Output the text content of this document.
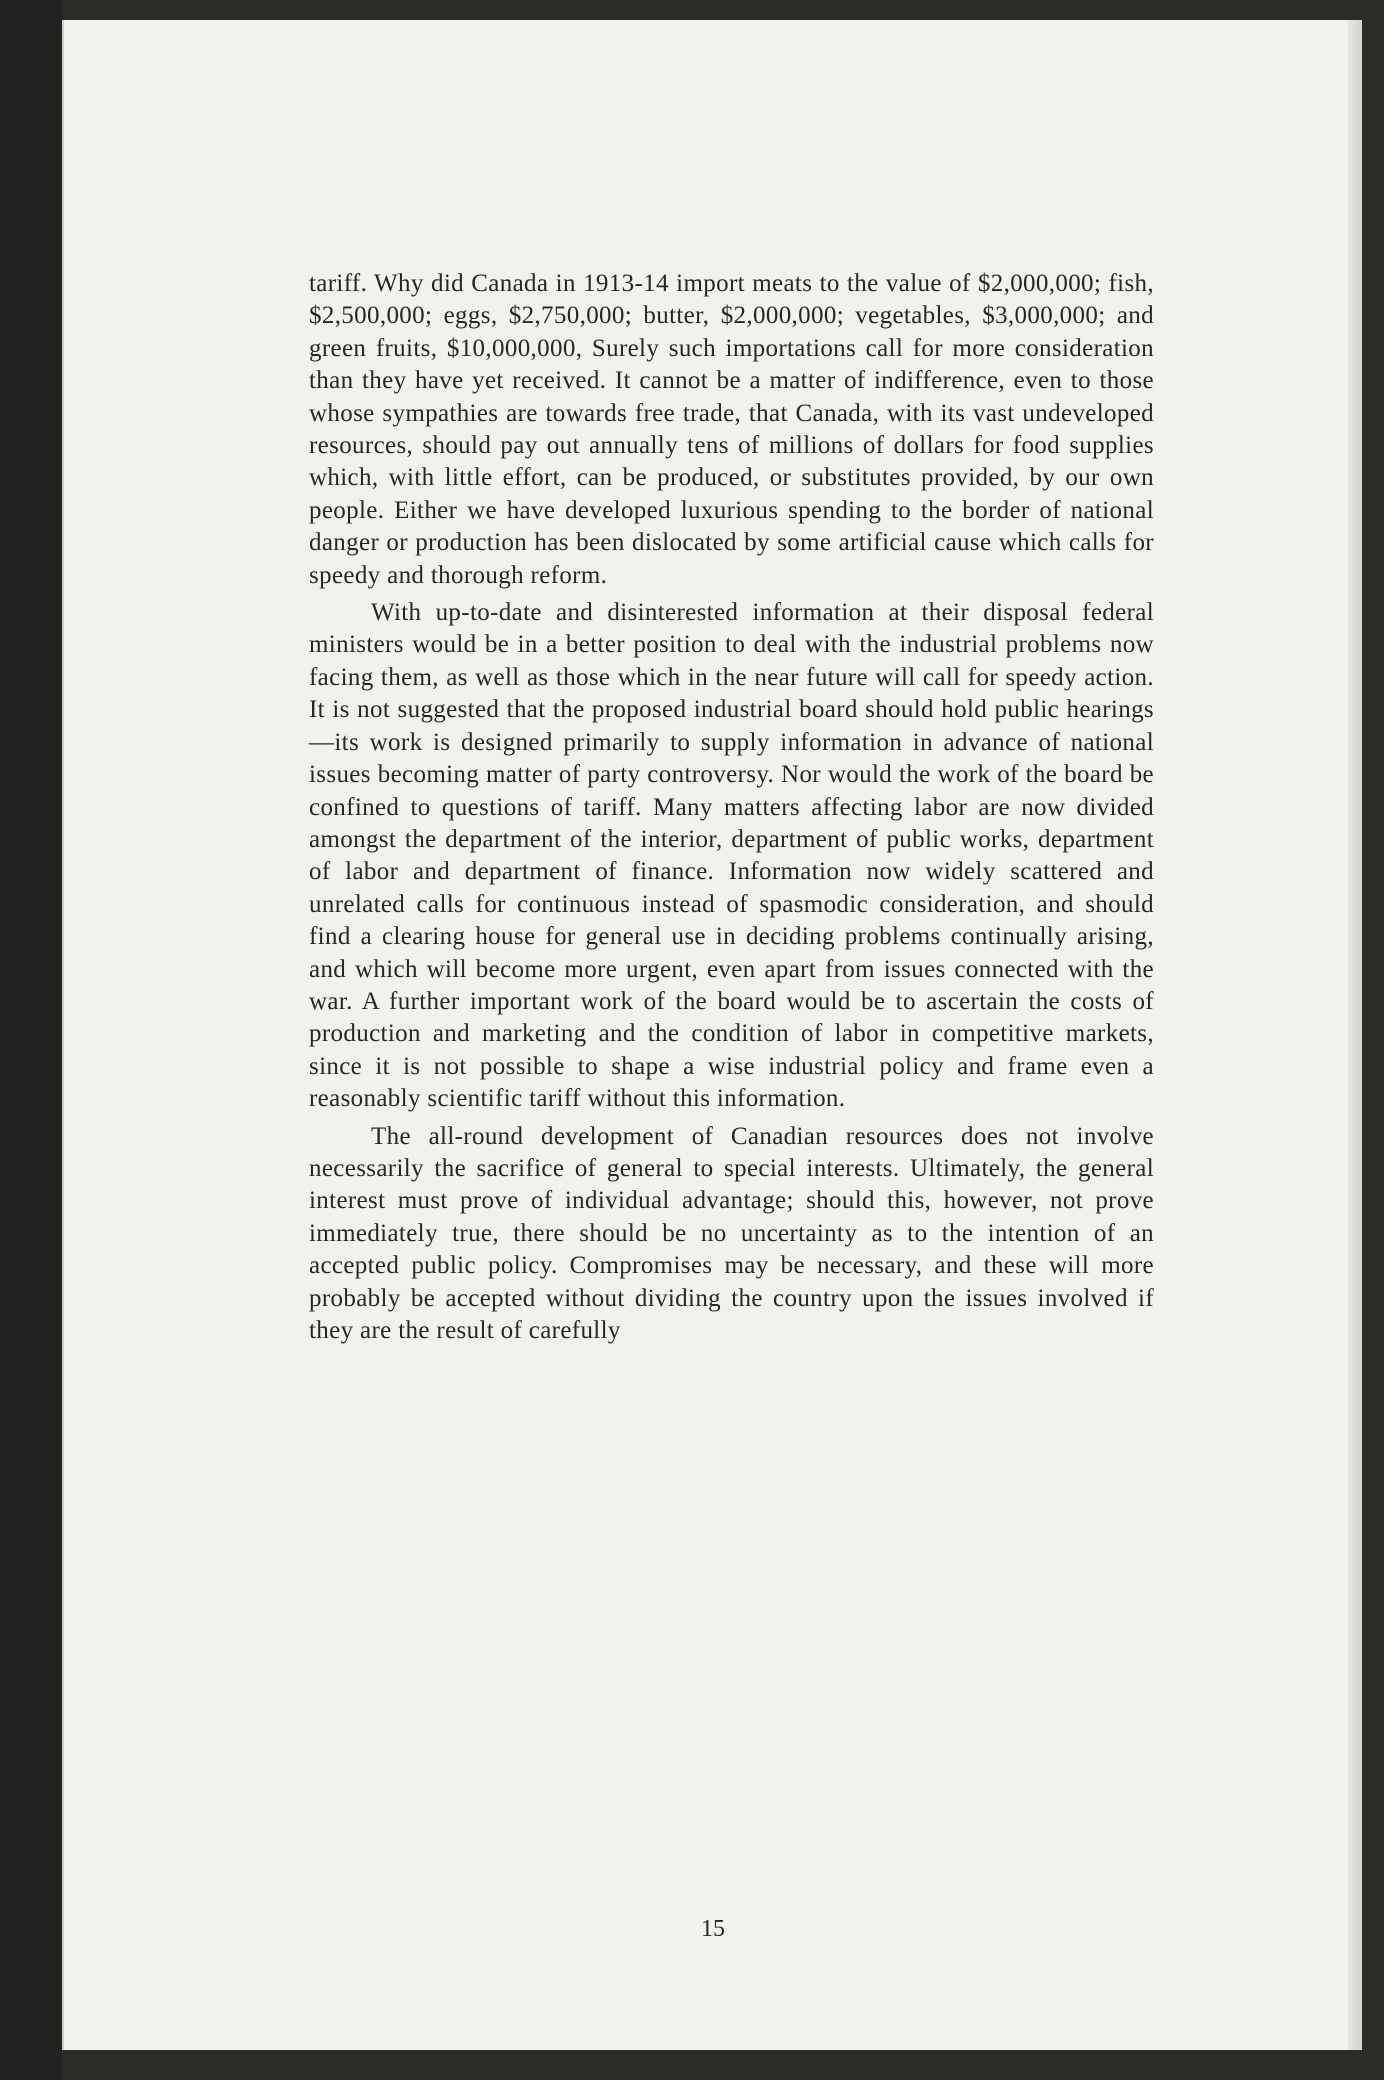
tariff. Why did Canada in 1913-14 import meats to the value of $2,000,000; fish, $2,500,000; eggs, $2,750,000; butter, $2,000,000; vegetables, $3,000,000; and green fruits, $10,000,000, Surely such importations call for more consideration than they have yet received. It cannot be a matter of indifference, even to those whose sympathies are towards free trade, that Canada, with its vast undeveloped resources, should pay out annually tens of millions of dollars for food supplies which, with little effort, can be produced, or substitutes provided, by our own people. Either we have developed luxurious spending to the border of national danger or production has been dislocated by some artificial cause which calls for speedy and thorough reform.

With up-to-date and disinterested information at their disposal federal ministers would be in a better position to deal with the industrial problems now facing them, as well as those which in the near future will call for speedy action. It is not suggested that the proposed industrial board should hold public hearings—its work is designed primarily to supply information in advance of national issues becoming matter of party controversy. Nor would the work of the board be confined to questions of tariff. Many matters affecting labor are now divided amongst the department of the interior, department of public works, department of labor and department of finance. Information now widely scattered and unrelated calls for continuous instead of spasmodic consideration, and should find a clearing house for general use in deciding problems continually arising, and which will become more urgent, even apart from issues connected with the war. A further important work of the board would be to ascertain the costs of production and marketing and the condition of labor in competitive markets, since it is not possible to shape a wise industrial policy and frame even a reasonably scientific tariff without this information.

The all-round development of Canadian resources does not involve necessarily the sacrifice of general to special interests. Ultimately, the general interest must prove of individual advantage; should this, however, not prove immediately true, there should be no uncertainty as to the intention of an accepted public policy. Compromises may be necessary, and these will more probably be accepted without dividing the country upon the issues involved if they are the result of carefully

15
